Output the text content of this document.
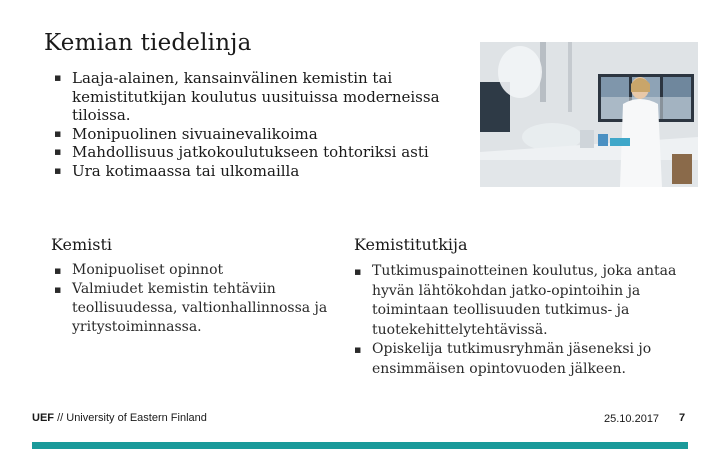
Kemian tiedelinja
▪ Laaja-alainen, kansainvälinen kemistin tai kemistitutkijan koulutus uusituissa moderneissa tiloissa.
▪ Monipuolinen sivuainevalikoima
▪ Mahdollisuus jatkokoulutukseen tohtoriksi asti
▪ Ura kotimaassa tai ulkomailla
Kemisti	Kemistitutkija
▪ Monipuoliset opinnot
▪ Valmiudet kemistin tehtäviin teollisuudessa, valtionhallinnossa ja yritystoiminnassa.
▪ Tutkimuspainotteinen koulutus, joka antaa hyvän lähtökohdan jatko-opintoihin ja toimintaan teollisuuden tutkimus- ja tuotekehittelytehtävissä.
▪ Opiskelija tutkimusryhmän jäseneksi jo ensimmäisen opintovuoden jälkeen.
UEF // University of Eastern Finland	25.10.2017 7
